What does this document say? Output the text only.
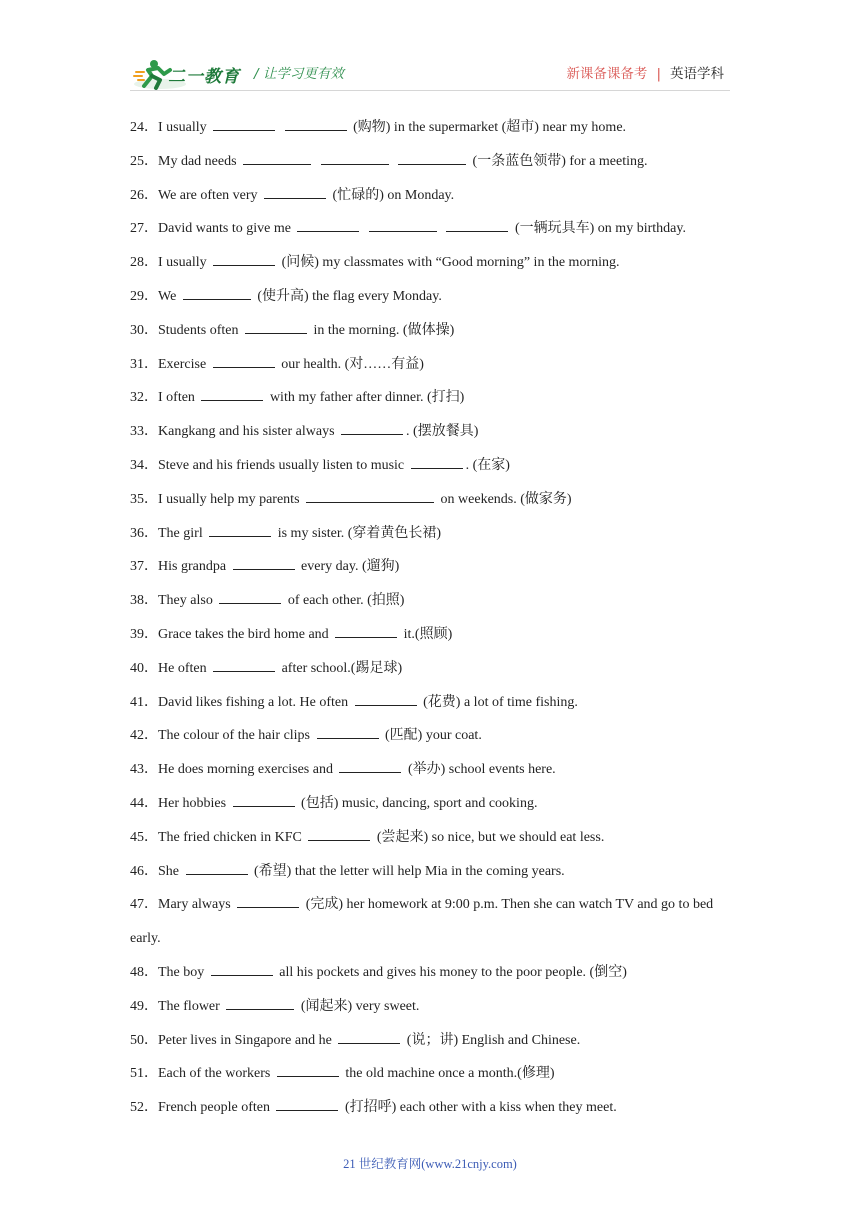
二一教育 / 让学习更有效	新课备课备考 | 英语学科

24．I usually	(购物) in the supermarket (超市) near my home.

25．My dad needs	(一条蓝色领带) for a meeting.

26．We are often very	(忙碌的) on Monday.

27．David wants to give me	(一辆玩具车) on my birthday.

28．I usually	(问候) my classmates with “Good morning” in the morning.

29．We	(使升高) the flag every Monday.

30．Students often	in the morning. (做体操)

31．Exercise	our health. (对……有益)

32．I often	with my father after dinner. (打扫)

33．Kangkang and his sister always	. (摆放餐具)

34．Steve and his friends usually listen to music	. (在家)

35．I usually help my parents	on weekends. (做家务)

36．The girl	is my sister. (穿着黄色长裙)

37．His grandpa	every day. (遛狗)

38．They also	of each other. (拍照)

39．Grace takes the bird home and	it.(照顾)

40．He often	after school.(踢足球)

41．David likes fishing a lot. He often	(花费) a lot of time fishing.

42．The colour of the hair clips	(匹配) your coat.

43．He does morning exercises and	(举办) school events here.

44．Her hobbies	(包括) music, dancing, sport and cooking.

45．The fried chicken in KFC	(尝起来) so nice, but we should eat less.

46．She	(希望) that the letter will help Mia in the coming years.

47．Mary always	(完成) her homework at 9:00 p.m. Then she can watch TV and go to bed early.

48．The boy	all his pockets and gives his money to the poor people. (倒空)

49．The flower	(闻起来) very sweet.

50．Peter lives in Singapore and he	(说；讲) English and Chinese.

51．Each of the workers	the old machine once a month.(修理)

52．French people often	(打招呼) each other with a kiss when they meet.

21 世纪教育网(www.21cnjy.com)
